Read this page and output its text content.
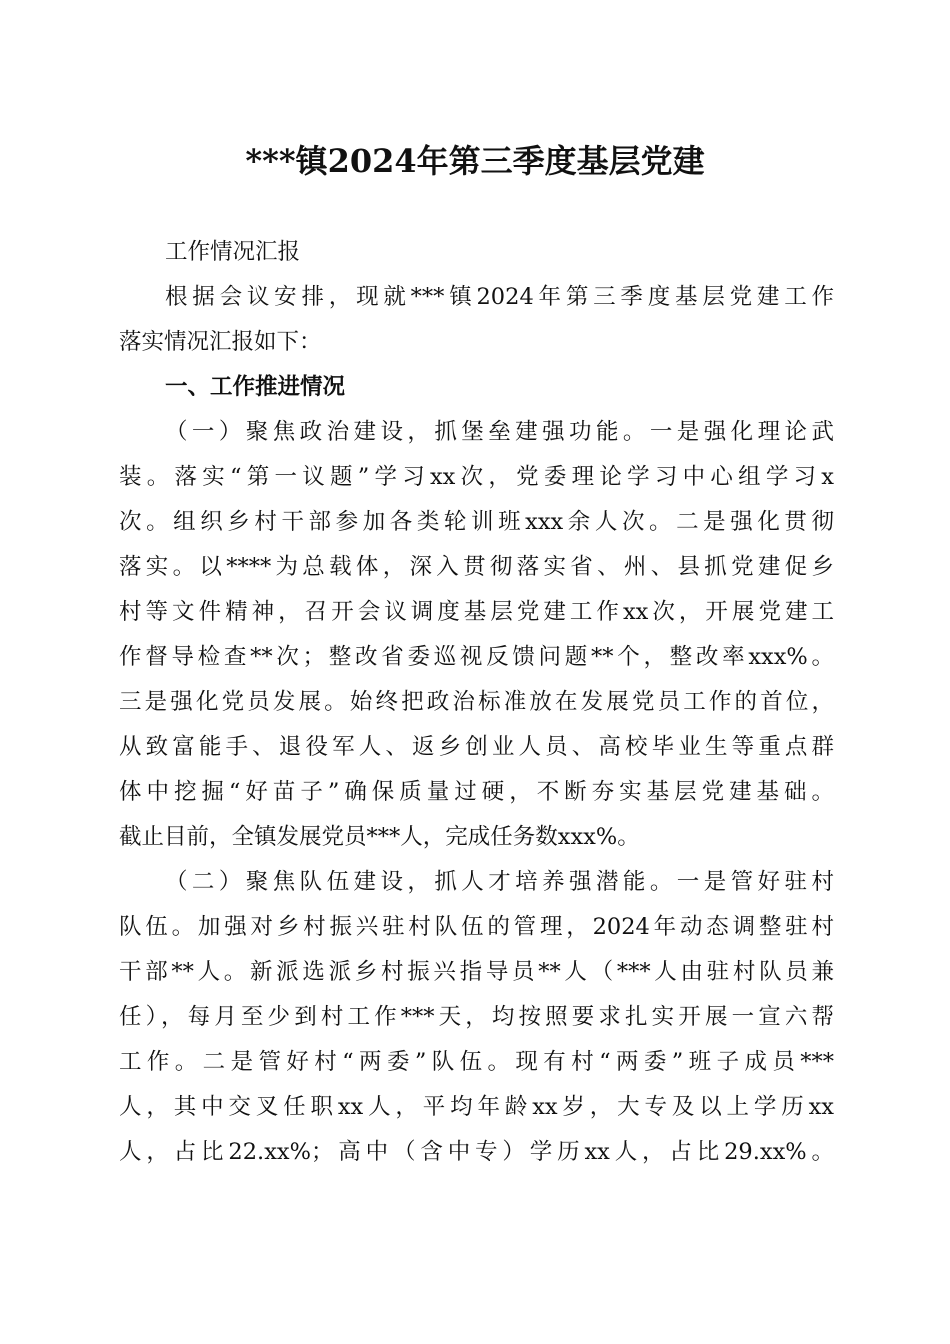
***镇2024年第三季度基层党建
工作情况汇报
根据会议安排，现就***镇2024年第三季度基层党建工作
落实情况汇报如下：
一、工作推进情况
（一）聚焦政治建设，抓堡垒建强功能。一是强化理论武
装。落实“第一议题”学习xx次，党委理论学习中心组学习x
次。组织乡村干部参加各类轮训班xxx余人次。二是强化贯彻
落实。以****为总载体，深入贯彻落实省、州、县抓党建促乡
村等文件精神，召开会议调度基层党建工作xx次，开展党建工
作督导检查**次；整改省委巡视反馈问题**个，整改率xxx%。
三是强化党员发展。始终把政治标准放在发展党员工作的首位，
从致富能手、退役军人、返乡创业人员、高校毕业生等重点群
体中挖掘“好苗子”确保质量过硬，不断夯实基层党建基础。
截止目前，全镇发展党员***人，完成任务数xxx%。
（二）聚焦队伍建设，抓人才培养强潜能。一是管好驻村
队伍。加强对乡村振兴驻村队伍的管理，2024年动态调整驻村
干部**人。新派选派乡村振兴指导员**人（***人由驻村队员兼
任），每月至少到村工作***天，均按照要求扎实开展一宣六帮
工作。二是管好村“两委”队伍。现有村“两委”班子成员***
人，其中交叉任职xx人，平均年龄xx岁，大专及以上学历xx
人，占比22.xx%；高中（含中专）学历xx人，占比29.xx%。
